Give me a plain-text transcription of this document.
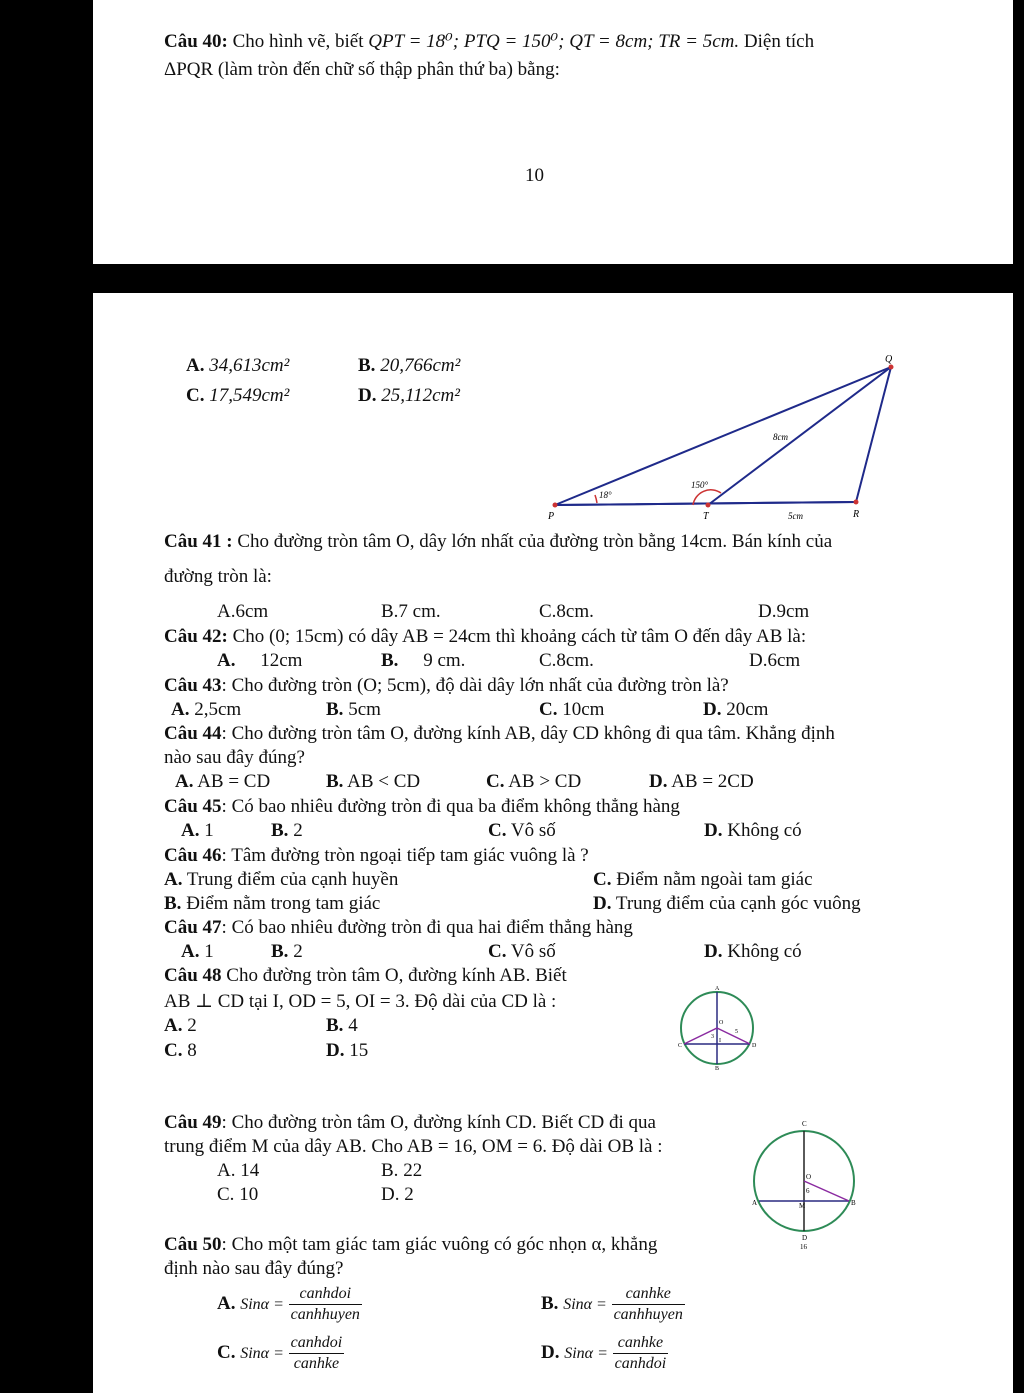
Câu 40: Cho hình vẽ, biết QPT = 18⁰; PTQ = 150⁰; QT = 8cm; TR = 5cm. Diện tích
ΔPQR (làm tròn đến chữ số thập phân thứ ba) bằng:
10
A. 34,613cm²	B. 20,766cm²
C. 17,549cm²	D. 25,112cm²
P
Q
R
T
18°
150°
8cm
5cm
Câu 41 : Cho đường tròn tâm O, dây lớn nhất của đường tròn bằng 14cm. Bán kính của
đường tròn là:
A.6cm	B.7 cm.	C.8cm.	D.9cm
Câu 42: Cho (0; 15cm) có dây AB = 24cm thì khoảng cách từ tâm O đến dây AB là:
A. 12cm	B. 9 cm.	C.8cm.	D.6cm
Câu 43: Cho đường tròn (O; 5cm), độ dài dây lớn nhất của đường tròn là?
A. 2,5cm	B. 5cm	C. 10cm	D. 20cm
Câu 44: Cho đường tròn tâm O, đường kính AB, dây CD không đi qua tâm. Khẳng định
nào sau đây đúng?
A. AB = CD	B. AB < CD	C. AB > CD	D. AB = 2CD
Câu 45: Có bao nhiêu đường tròn đi qua ba điểm không thẳng hàng
A. 1	B. 2	C. Vô số	D. Không có
Câu 46: Tâm đường tròn ngoại tiếp tam giác vuông là ?
A. Trung điểm của cạnh huyền	C. Điểm nằm ngoài tam giác
B. Điểm nằm trong tam giác	D. Trung điểm của cạnh góc vuông
Câu 47: Có bao nhiêu đường tròn đi qua hai điểm thẳng hàng
A. 1	B. 2	C. Vô số	D. Không có
Câu 48 Cho đường tròn tâm O, đường kính AB. Biết
AB ⊥ CD tại I, OD = 5, OI = 3. Độ dài của CD là :
A. 2	B. 4
C. 8	D. 15
A
B
C	D
O
I
5
3
Câu 49: Cho đường tròn tâm O, đường kính CD. Biết CD đi qua
trung điểm M của dây AB. Cho AB = 16, OM = 6. Độ dài OB là :
A. 14	B. 22
C. 10	D. 2
C
D
A	B
O
M
6
16
Câu 50: Cho một tam giác tam giác vuông có góc nhọn α, khẳng
định nào sau đây đúng?
A. $Sin\alpha = \frac{\text{canhdoi}}{\text{canhhuyen}}$	B. $Sin\alpha = \frac{\text{canhke}}{\text{canhhuyen}}$
C. $Sin\alpha = \frac{\text{canhdoi}}{\text{canhke}}$	D. $Sin\alpha = \frac{\text{canhke}}{\text{canhdoi}}$
